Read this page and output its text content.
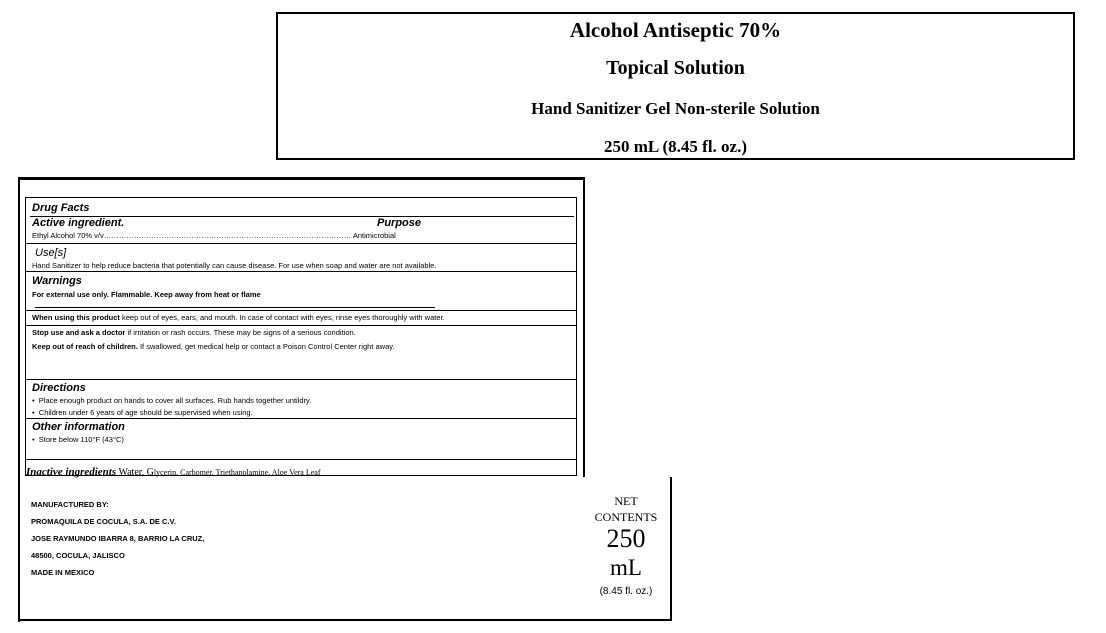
Alcohol Antiseptic 70%
Topical Solution
Hand Sanitizer Gel Non-sterile Solution
250 mL (8.45 fl. oz.)
Drug Facts
Active ingredient.	Purpose
Ethyl Alcohol 70% v/v……………………………………………………………………………………… Antimicrobial
Use[s]
Hand Sanitizer to help reduce bacteria that potentially can cause disease. For use when soap and water are not available.
Warnings
For external use only. Flammable. Keep away from heat or flame
When using this product keep out of eyes, ears, and mouth. In case of contact with eyes, rinse eyes thoroughly with water.
Stop use and ask a doctor if irritation or rash occurs. These may be signs of a serious condition.
Keep out of reach of children. If swallowed, get medical help or contact a Poison Control Center right away.
Directions
•  Place enough product on hands to cover all surfaces. Rub hands together untildry.
•  Children under 6 years of age should be supervised when using.
Other information
•  Store below 110°F (43°C)
Inactive ingredients Water, Glycerin, Carbomer, Triethanolamine, Aloe Vera Leaf
MANUFACTURED BY:
PROMAQUILA DE COCULA, S.A. DE C.V.
JOSE RAYMUNDO IBARRA 8, BARRIO LA CRUZ,
48500, COCULA, JALISCO
MADE IN MEXICO
NET
CONTENTS
250
mL
(8.45 fl. oz.)
